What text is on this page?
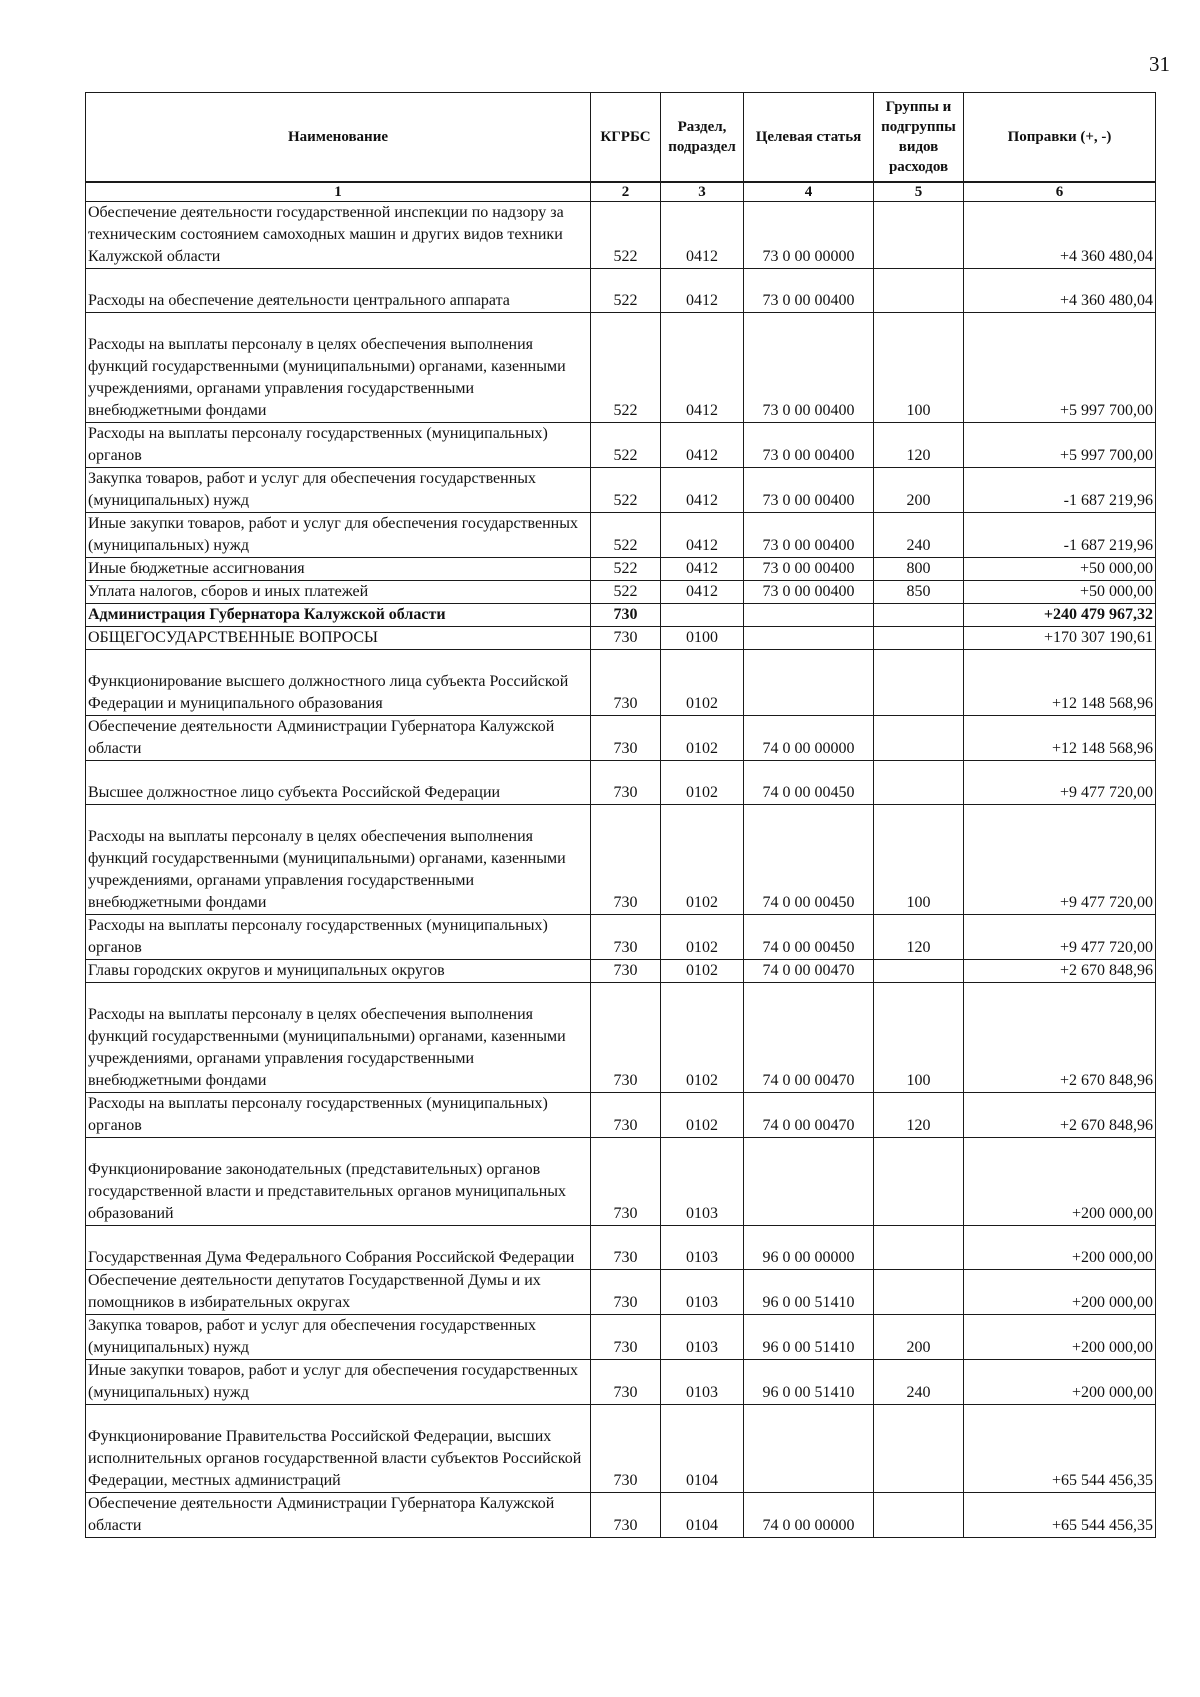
31
Наименование	КГРБС	Раздел, подраздел	Целевая статья	Группы и подгруппы видов расходов	Поправки (+, -)
1	2	3	4	5	6
Обеспечение деятельности государственной инспекции по надзору за техническим состоянием самоходных машин и других видов техники Калужской области	522	0412	73 0 00 00000		+4 360 480,04
Расходы на обеспечение деятельности центрального аппарата	522	0412	73 0 00 00400		+4 360 480,04
Расходы на выплаты персоналу в целях обеспечения выполнения функций государственными (муниципальными) органами, казенными учреждениями, органами управления государственными внебюджетными фондами	522	0412	73 0 00 00400	100	+5 997 700,00
Расходы на выплаты персоналу государственных (муниципальных) органов	522	0412	73 0 00 00400	120	+5 997 700,00
Закупка товаров, работ и услуг для обеспечения государственных (муниципальных) нужд	522	0412	73 0 00 00400	200	-1 687 219,96
Иные закупки товаров, работ и услуг для обеспечения государственных (муниципальных) нужд	522	0412	73 0 00 00400	240	-1 687 219,96
Иные бюджетные ассигнования	522	0412	73 0 00 00400	800	+50 000,00
Уплата налогов, сборов и иных платежей	522	0412	73 0 00 00400	850	+50 000,00
Администрация Губернатора Калужской области	730				+240 479 967,32
ОБЩЕГОСУДАРСТВЕННЫЕ ВОПРОСЫ	730	0100			+170 307 190,61
Функционирование высшего должностного лица субъекта Российской Федерации и муниципального образования	730	0102			+12 148 568,96
Обеспечение деятельности Администрации Губернатора Калужской области	730	0102	74 0 00 00000		+12 148 568,96
Высшее должностное лицо субъекта Российской Федерации	730	0102	74 0 00 00450		+9 477 720,00
Расходы на выплаты персоналу в целях обеспечения выполнения функций государственными (муниципальными) органами, казенными учреждениями, органами управления государственными внебюджетными фондами	730	0102	74 0 00 00450	100	+9 477 720,00
Расходы на выплаты персоналу государственных (муниципальных) органов	730	0102	74 0 00 00450	120	+9 477 720,00
Главы городских округов и муниципальных округов	730	0102	74 0 00 00470		+2 670 848,96
Расходы на выплаты персоналу в целях обеспечения выполнения функций государственными (муниципальными) органами, казенными учреждениями, органами управления государственными внебюджетными фондами	730	0102	74 0 00 00470	100	+2 670 848,96
Расходы на выплаты персоналу государственных (муниципальных) органов	730	0102	74 0 00 00470	120	+2 670 848,96
Функционирование законодательных (представительных) органов государственной власти и представительных органов муниципальных образований	730	0103			+200 000,00
Государственная Дума Федерального Собрания Российской Федерации	730	0103	96 0 00 00000		+200 000,00
Обеспечение деятельности депутатов Государственной Думы и их помощников в избирательных округах	730	0103	96 0 00 51410		+200 000,00
Закупка товаров, работ и услуг для обеспечения государственных (муниципальных) нужд	730	0103	96 0 00 51410	200	+200 000,00
Иные закупки товаров, работ и услуг для обеспечения государственных (муниципальных) нужд	730	0103	96 0 00 51410	240	+200 000,00
Функционирование Правительства Российской Федерации, высших исполнительных органов государственной власти субъектов Российской Федерации, местных администраций	730	0104			+65 544 456,35
Обеспечение деятельности Администрации Губернатора Калужской области	730	0104	74 0 00 00000		+65 544 456,35
